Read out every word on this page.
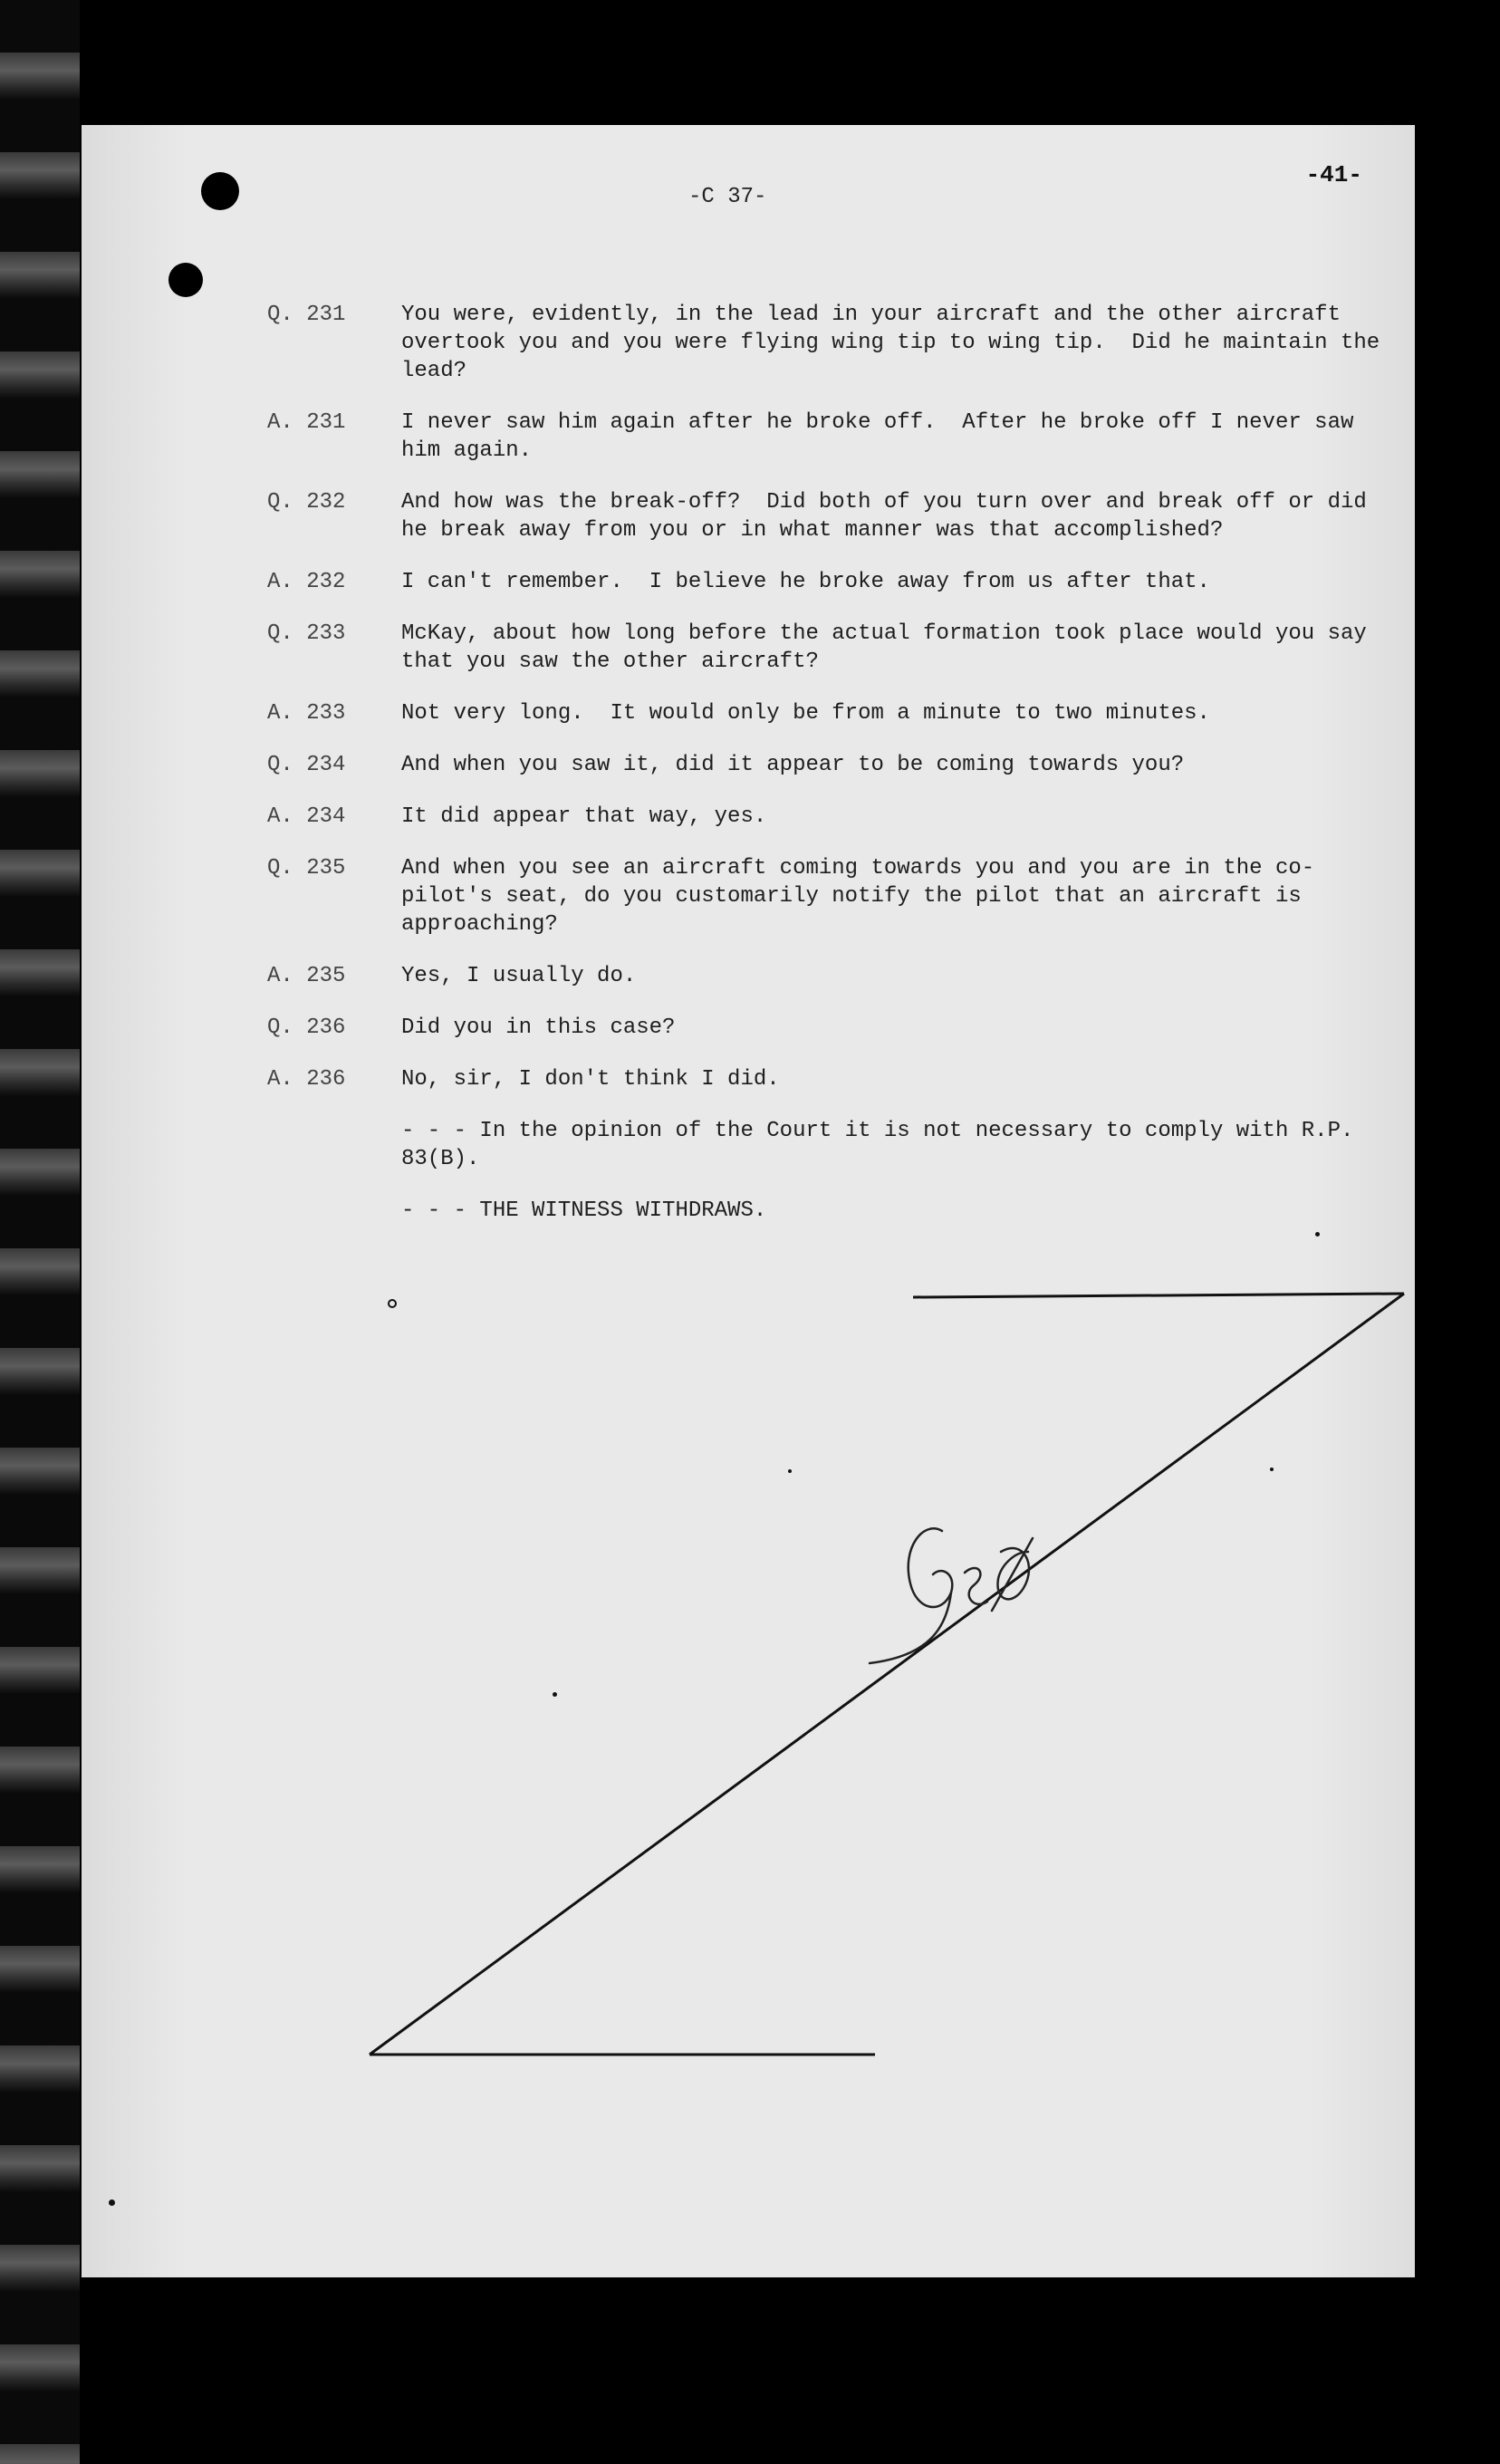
-41-
-C 37-
Q. 231	You were, evidently, in the lead in your aircraft and the other aircraft overtook you and you were flying wing tip to wing tip.  Did he maintain the lead?
A. 231	I never saw him again after he broke off.  After he broke off I never saw him again.
Q. 232	And how was the break-off?  Did both of you turn over and break off or did he break away from you or in what manner was that accomplished?
A. 232	I can't remember.  I believe he broke away from us after that.
Q. 233	McKay, about how long before the actual formation took place would you say that you saw the other aircraft?
A. 233	Not very long.  It would only be from a minute to two minutes.
Q. 234	And when you saw it, did it appear to be coming towards you?
A. 234	It did appear that way, yes.
Q. 235	And when you see an aircraft coming towards you and you are in the co-pilot's seat, do you customarily notify the pilot that an aircraft is approaching?
A. 235	Yes, I usually do.
Q. 236	Did you in this case?
A. 236	No, sir, I don't think I did.
- - - In the opinion of the Court it is not necessary to comply with R.P. 83(B).
- - - THE WITNESS WITHDRAWS.
